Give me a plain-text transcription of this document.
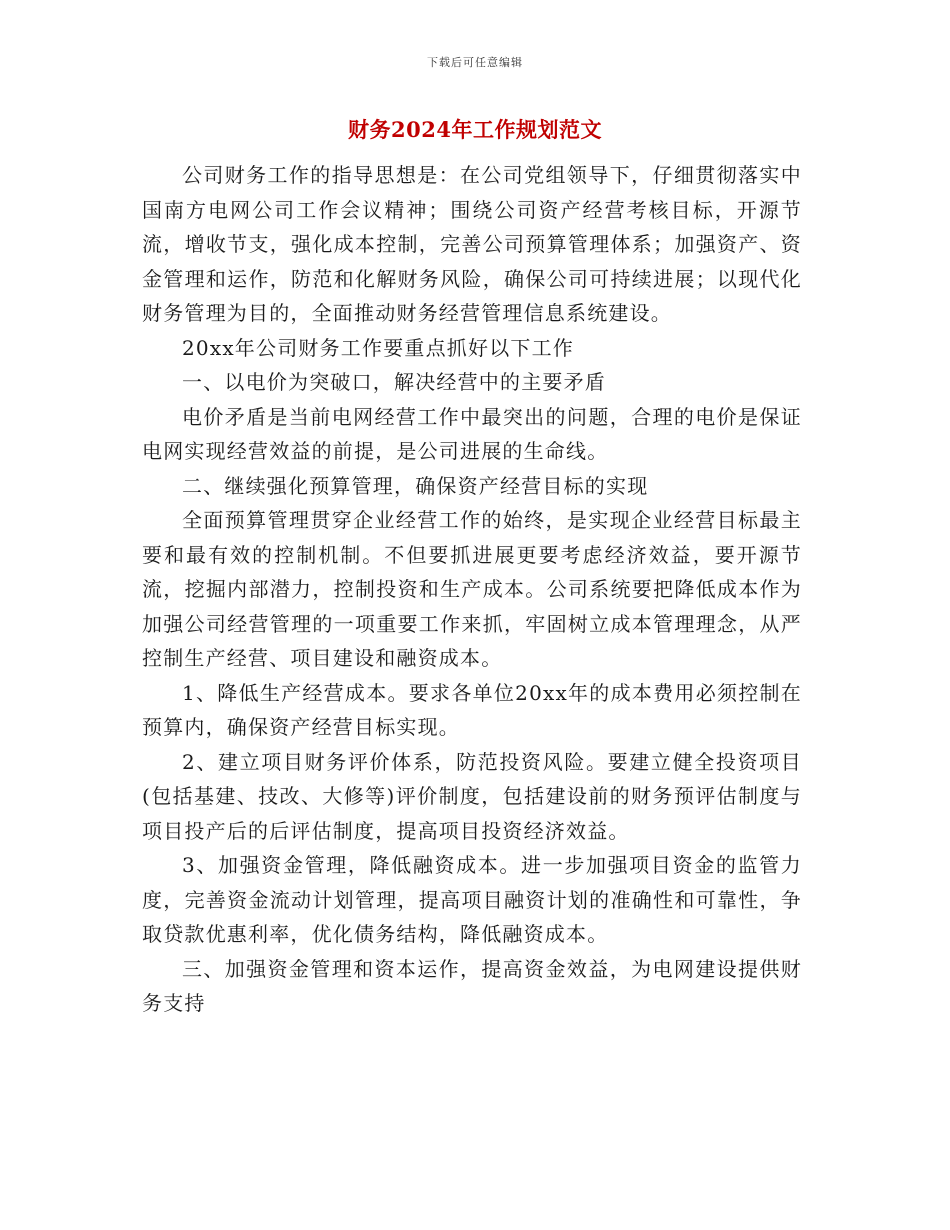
下载后可任意编辑
财务2024年工作规划范文

公司财务工作的指导思想是：在公司党组领导下，仔细贯彻落实中国南方电网公司工作会议精神；围绕公司资产经营考核目标，开源节流，增收节支，强化成本控制，完善公司预算管理体系；加强资产、资金管理和运作，防范和化解财务风险，确保公司可持续进展；以现代化财务管理为目的，全面推动财务经营管理信息系统建设。

20xx年公司财务工作要重点抓好以下工作

一、以电价为突破口，解决经营中的主要矛盾

电价矛盾是当前电网经营工作中最突出的问题，合理的电价是保证电网实现经营效益的前提，是公司进展的生命线。

二、继续强化预算管理，确保资产经营目标的实现

全面预算管理贯穿企业经营工作的始终，是实现企业经营目标最主要和最有效的控制机制。不但要抓进展更要考虑经济效益，要开源节流，挖掘内部潜力，控制投资和生产成本。公司系统要把降低成本作为加强公司经营管理的一项重要工作来抓，牢固树立成本管理理念，从严控制生产经营、项目建设和融资成本。

1、降低生产经营成本。要求各单位20xx年的成本费用必须控制在预算内，确保资产经营目标实现。

2、建立项目财务评价体系，防范投资风险。要建立健全投资项目(包括基建、技改、大修等)评价制度，包括建设前的财务预评估制度与项目投产后的后评估制度，提高项目投资经济效益。

3、加强资金管理，降低融资成本。进一步加强项目资金的监管力度，完善资金流动计划管理，提高项目融资计划的准确性和可靠性，争取贷款优惠利率，优化债务结构，降低融资成本。

三、加强资金管理和资本运作，提高资金效益，为电网建设提供财务支持
